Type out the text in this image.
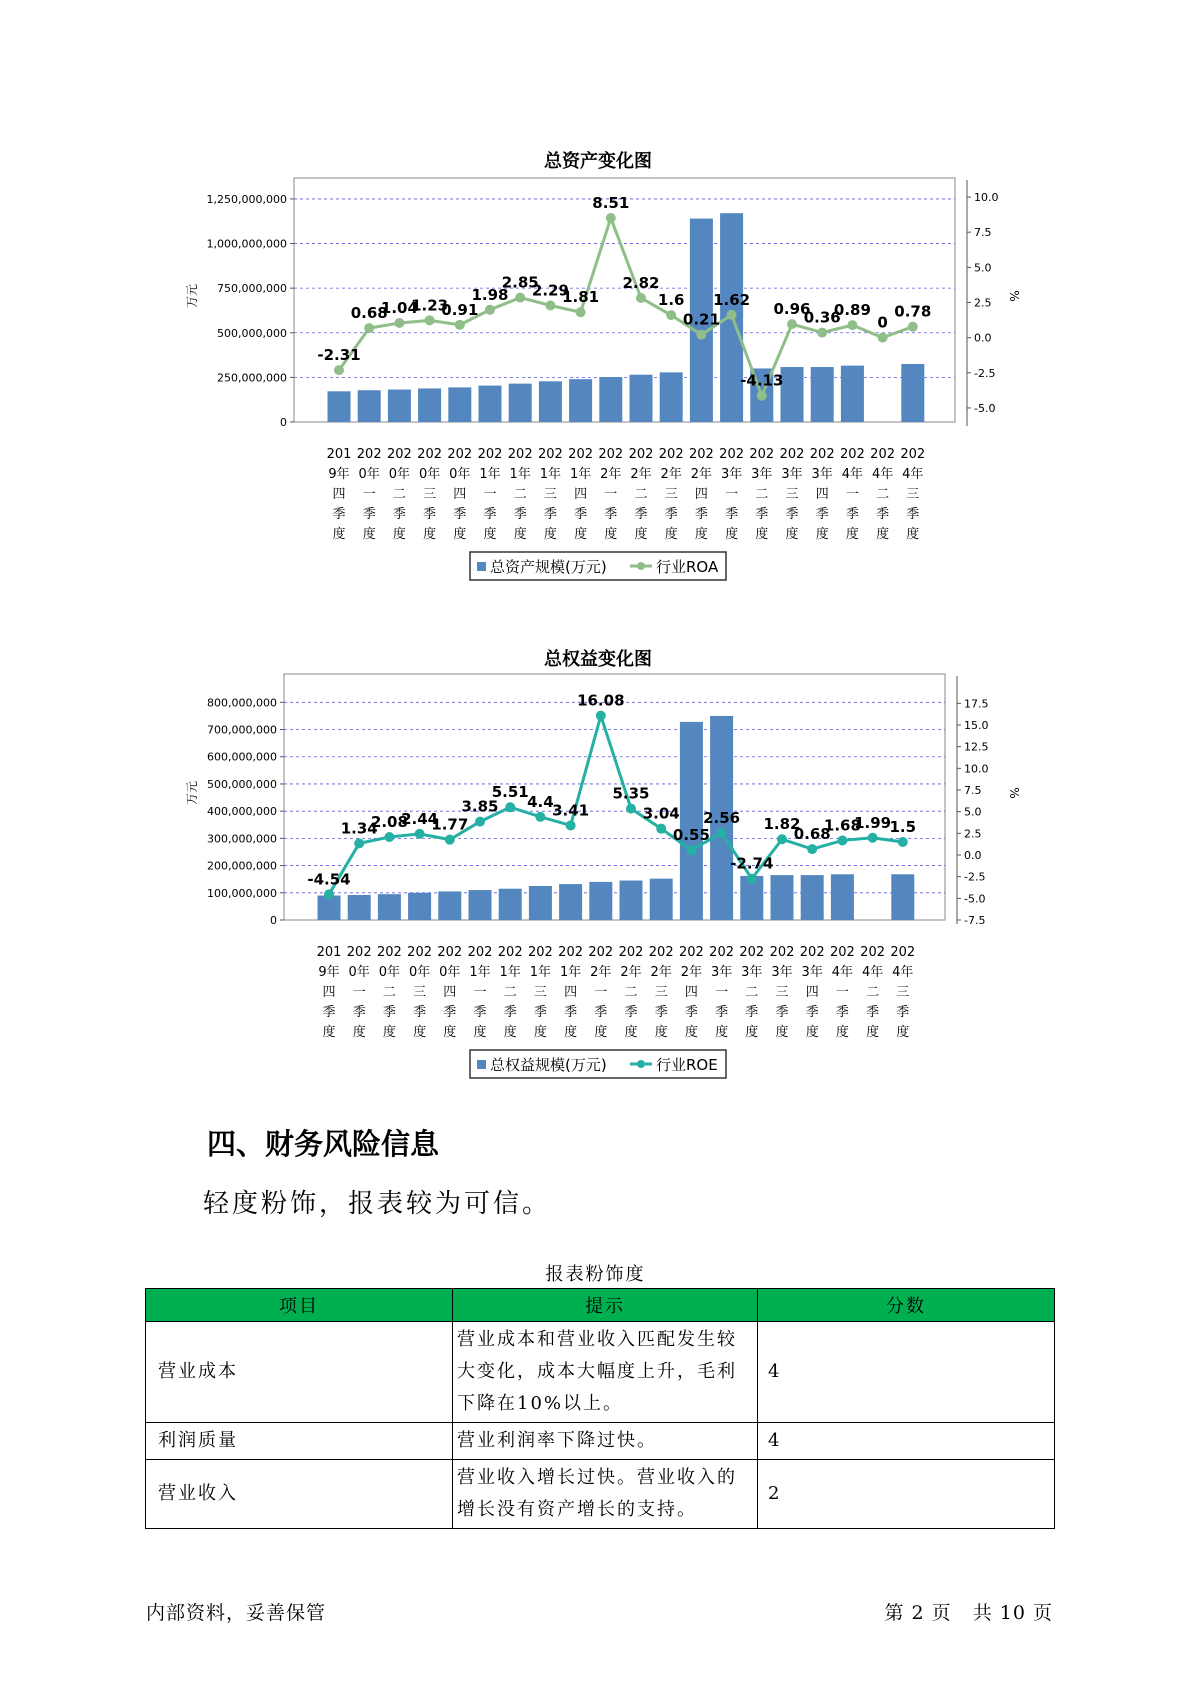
总资产变化图
0
250,000,000
500,000,000
750,000,000
1,000,000,000
1,250,000,000
-5.0
-2.5
0.0
2.5
5.0
7.5
10.0
万元	%
-2.31
0.68
1.04
1.23
0.91
1.98
2.85
2.29
1.81
8.51
2.82
1.6
0.21
1.62
-4.13
0.96
0.36
0.89
0
0.78
201
9年
四
季
度
202
0年
一
季
度
202
0年
二
季
度
202
0年
三
季
度
202
0年
四
季
度
202
1年
一
季
度
202
1年
二
季
度
202
1年
三
季
度
202
1年
四
季
度
202
2年
一
季
度
202
2年
二
季
度
202
2年
三
季
度
202
2年
四
季
度
202
3年
一
季
度
202
3年
二
季
度
202
3年
三
季
度
202
3年
四
季
度
202
4年
一
季
度
202
4年
二
季
度
202
4年
三
季
度
总资产规模(万元)	行业ROA
总权益变化图
0
100,000,000
200,000,000
300,000,000
400,000,000
500,000,000
600,000,000
700,000,000
800,000,000
-7.5
-5.0
-2.5
0.0
2.5
5.0
7.5
10.0
12.5
15.0
17.5
万元	%
-4.54
1.34
2.08
2.44
1.77
3.85
5.51
4.4
3.41
16.08
5.35
3.04
0.55
2.56
-2.74
1.82
0.68
1.68
1.99
1.5
201
9年
四
季
度
202
0年
一
季
度
202
0年
二
季
度
202
0年
三
季
度
202
0年
四
季
度
202
1年
一
季
度
202
1年
二
季
度
202
1年
三
季
度
202
1年
四
季
度
202
2年
一
季
度
202
2年
二
季
度
202
2年
三
季
度
202
2年
四
季
度
202
3年
一
季
度
202
3年
二
季
度
202
3年
三
季
度
202
3年
四
季
度
202
4年
一
季
度
202
4年
二
季
度
202
4年
三
季
度
总权益规模(万元)	行业ROE
四、财务风险信息

轻度粉饰，报表较为可信。

报表粉饰度
项目	提示	分数
营业成本	营业成本和营业收入匹配发生较大变化，成本大幅度上升，毛利下降在10%以上。	4
利润质量	营业利润率下降过快。	4
营业收入	营业收入增长过快。营业收入的增长没有资产增长的支持。	2
内部资料，妥善保管	第 2 页   共 10 页
